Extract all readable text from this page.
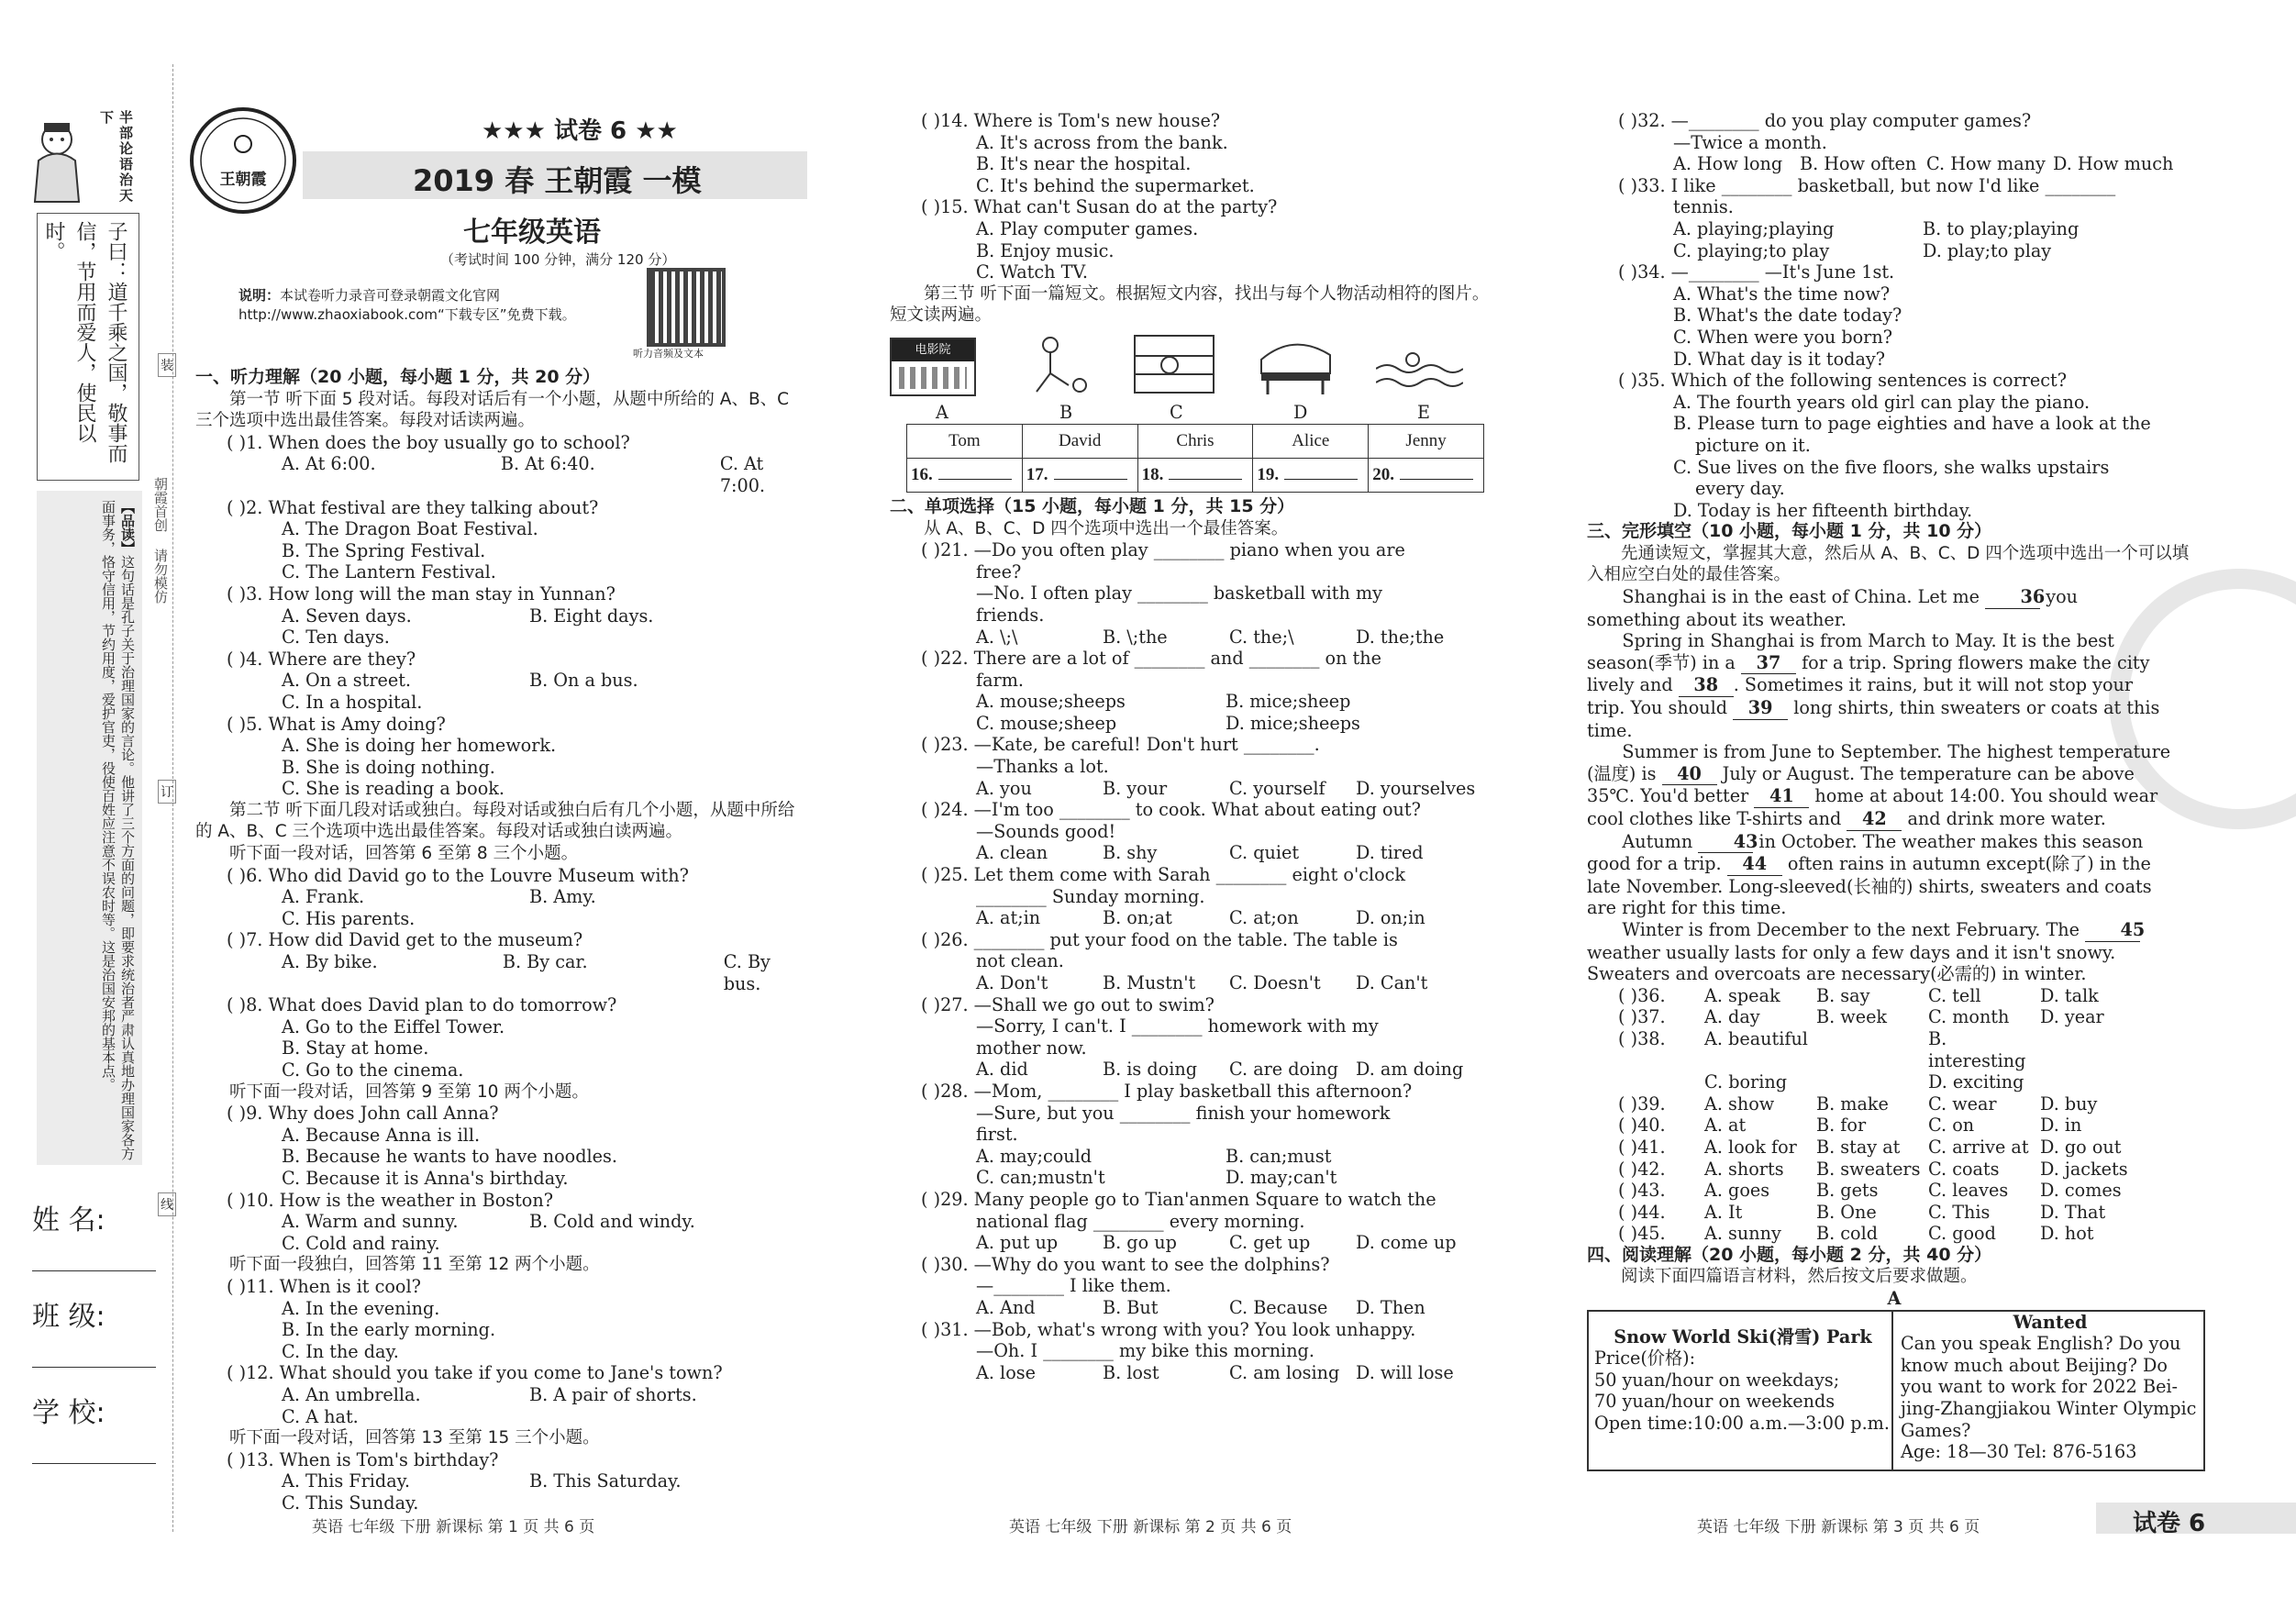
半部论语治天下
子曰：道千乘之国，敬事而信，节用而爱人，使民以时。
【品读】这句话是孔子关于治理国家的言论。他讲了三个方面的问题，即要求统治者严肃认真地办理国家各方面事务，恪守信用，节约用度，爱护官吏，役使百姓应注意不误农时等。这是治国安邦的基本点。	朝霞首创 请勿模仿
装
订
线
姓 名:
班 级:
学 校:
王朝霞
★★★ 试卷 6 ★★
2019 春 王朝霞 一模
七年级英语
（考试时间 100 分钟，满分 120 分）
说明：本试卷听力录音可登录朝霞文化官网 http://www.zhaoxiabook.com“下载专区”免费下载。
听力音频及文本

一、听力理解（20 小题，每小题 1 分，共 20 分）

第一节 听下面 5 段对话。每段对话后有一个小题，从题中所给的 A、B、C 三个选项中选出最佳答案。每段对话读两遍。

( )1. When does the boy usually go to school?
A. At 6:00.	B. At 6:40.	C. At 7:00.
( )2. What festival are they talking about?
A. The Dragon Boat Festival.
B. The Spring Festival.
C. The Lantern Festival.
( )3. How long will the man stay in Yunnan?
A. Seven days.	B. Eight days.
C. Ten days.
( )4. Where are they?
A. On a street.	B. On a bus.
C. In a hospital.
( )5. What is Amy doing?
A. She is doing her homework.
B. She is doing nothing.
C. She is reading a book.

第二节 听下面几段对话或独白。每段对话或独白后有几个小题，从题中所给的 A、B、C 三个选项中选出最佳答案。每段对话或独白读两遍。

听下面一段对话，回答第 6 至第 8 三个小题。

( )6. Who did David go to the Louvre Museum with?
A. Frank.	B. Amy.
C. His parents.
( )7. How did David get to the museum?
A. By bike.	B. By car.	C. By bus.
( )8. What does David plan to do tomorrow?
A. Go to the Eiffel Tower.
B. Stay at home.
C. Go to the cinema.

听下面一段对话，回答第 9 至第 10 两个小题。

( )9. Why does John call Anna?
A. Because Anna is ill.
B. Because he wants to have noodles.
C. Because it is Anna's birthday.
( )10. How is the weather in Boston?
A. Warm and sunny.	B. Cold and windy.
C. Cold and rainy.

听下面一段独白，回答第 11 至第 12 两个小题。

( )11. When is it cool?
A. In the evening.
B. In the early morning.
C. In the day.
( )12. What should you take if you come to Jane's town?
A. An umbrella.	B. A pair of shorts.
C. A hat.

听下面一段对话，回答第 13 至第 15 三个小题。

( )13. When is Tom's birthday?
A. This Friday.	B. This Saturday.
C. This Sunday.
英语 七年级 下册 新课标 第 1 页 共 6 页
( )14. Where is Tom's new house?
A. It's across from the bank.
B. It's near the hospital.
C. It's behind the supermarket.
( )15. What can't Susan do at the party?
A. Play computer games.
B. Enjoy music.
C. Watch TV.

第三节 听下面一篇短文。根据短文内容，找出与每个人物活动相符的图片。短文读两遍。

电影院
A	B	C	D	E
Tom	David	Chris	Alice	Jenny
16.	17.	18.	19.	20.

二、单项选择（15 小题，每小题 1 分，共 15 分）

从 A、B、C、D 四个选项中选出一个最佳答案。

( )21. —Do you often play ________ piano when you are
free?
—No. I often play ________ basketball with my
friends.
A. \;\	B. \;the	C. the;\	D. the;the
( )22. There are a lot of ________ and ________ on the
farm.
A. mouse;sheeps	B. mice;sheep
C. mouse;sheep	D. mice;sheeps
( )23. —Kate, be careful! Don't hurt ________.
—Thanks a lot.
A. you	B. your	C. yourself	D. yourselves
( )24. —I'm too ________ to cook. What about eating out?
—Sounds good!
A. clean	B. shy	C. quiet	D. tired
( )25. Let them come with Sarah ________ eight o'clock
________ Sunday morning.
A. at;in	B. on;at	C. at;on	D. on;in
( )26. ________ put your food on the table. The table is
not clean.
A. Don't	B. Mustn't	C. Doesn't	D. Can't
( )27. —Shall we go out to swim?
—Sorry, I can't. I ________ homework with my
mother now.
A. did	B. is doing	C. are doing D. am doing
( )28. —Mom, ________ I play basketball this afternoon?
—Sure, but you ________ finish your homework
first.
A. may;could	B. can;must
C. can;mustn't	D. may;can't
( )29. Many people go to Tian'anmen Square to watch the
national flag ________ every morning.
A. put up	B. go up	C. get up	D. come up
( )30. —Why do you want to see the dolphins?
—________ I like them.
A. And	B. But	C. Because	D. Then
( )31. —Bob, what's wrong with you? You look unhappy.
—Oh. I ________ my bike this morning.
A. lose	B. lost	C. am losing D. will lose
英语 七年级 下册 新课标 第 2 页 共 6 页
( )32. —________ do you play computer games?
—Twice a month.
A. How long B. How often C. How many D. How much
( )33. I like ________ basketball, but now I'd like ________
tennis.
A. playing;playing	B. to play;playing
C. playing;to play	D. play;to play
( )34. —________ —It's June 1st.
A. What's the time now?
B. What's the date today?
C. When were you born?
D. What day is it today?
( )35. Which of the following sentences is correct?
A. The fourth years old girl can play the piano.
B. Please turn to page eighties and have a look at the
picture on it.
C. Sue lives on the five floors, she walks upstairs
every day.
D. Today is her fifteenth birthday.

三、完形填空（10 小题，每小题 1 分，共 10 分）

先通读短文，掌握其大意，然后从 A、B、C、D 四个选项中选出一个可以填入相应空白处的最佳答案。

Shanghai is in the east of China. Let me 36 you
something about its weather.
Spring in Shanghai is from March to May. It is the best
season(季节) in a 37 for a trip. Spring flowers make the city
lively and 38 . Sometimes it rains, but it will not stop your
trip. You should 39 long shirts, thin sweaters or coats at this
time.
Summer is from June to September. The highest temperature
(温度) is 40 July or August. The temperature can be above
35℃. You'd better 41 home at about 14:00. You should wear
cool clothes like T-shirts and 42 and drink more water.
Autumn 43 in October. The weather makes this season
good for a trip. 44 often rains in autumn except(除了) in the
late November. Long-sleeved(长袖的) shirts, sweaters and coats
are right for this time.
Winter is from December to the next February. The 45
weather usually lasts for only a few days and it isn't snowy.
Sweaters and overcoats are necessary(必需的) in winter.
( )36.	A. speak	B. say	C. tell	D. talk
( )37.	A. day	B. week	C. month	D. year
( )38.	A. beautiful	B. interesting
C. boring	D. exciting
( )39.	A. show	B. make	C. wear	D. buy
( )40.	A. at	B. for	C. on	D. in
( )41.	A. look for	B. stay at	C. arrive at D. go out
( )42.	A. shorts	B. sweaters C. coats	D. jackets
( )43.	A. goes	B. gets	C. leaves	D. comes
( )44.	A. It	B. One	C. This	D. That
( )45.	A. sunny	B. cold	C. good	D. hot

四、阅读理解（20 小题，每小题 2 分，共 40 分）

阅读下面四篇语言材料，然后按文后要求做题。

A

Snow World Ski(滑雪) Park
Price(价格):
50 yuan/hour on weekdays;
70 yuan/hour on weekends
Open time:10:00 a.m.—3:00 p.m.
Wanted
Can you speak English? Do you
know much about Beijing? Do
you want to work for 2022 Bei-
jing-Zhangjiakou Winter Olympic
Games?
Age: 18—30 Tel: 876-5163
英语 七年级 下册 新课标 第 3 页 共 6 页	试卷 6
